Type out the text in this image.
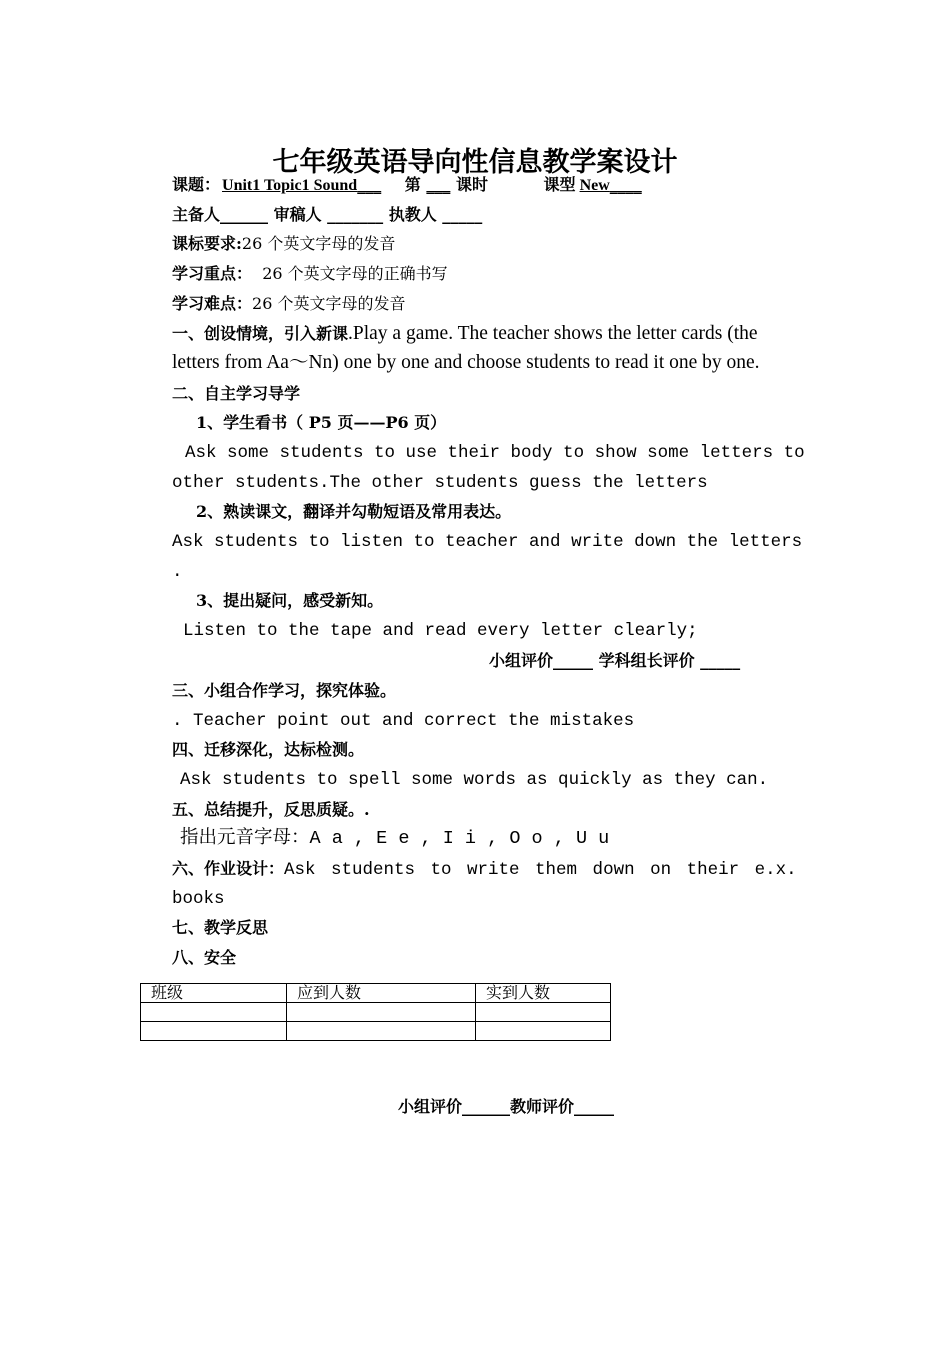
七年级英语导向性信息教学案设计
课题： Unit1 Topic1 Sound___ 第 ___ 课时	课型 New____
主备人______ 审稿人 _______ 执教人 _____
课标要求:26 个英文字母的发音
学习重点： 26 个英文字母的正确书写
学习难点：26 个英文字母的发音
一、创设情境，引入新课.Play a game. The teacher shows the letter cards (the
letters from Aa～Nn) one by one and choose students to read it one by one.
二、自主学习导学
1、学生看书（ P5 页——P6 页）
Ask some students to use their body to show some letters to
other students.The other students guess the letters
2、熟读课文，翻译并勾勒短语及常用表达。
Ask students to listen to teacher and write down the letters
.
3、提出疑问，感受新知。
Listen to the tape and read every letter clearly;
小组评价_____ 学科组长评价 _____
三、小组合作学习，探究体验。
. Teacher point out and correct the mistakes
四、迁移深化，达标检测。
Ask students to spell some words as quickly as they can.
五、总结提升，反思质疑。.
指出元音字母：A a , E e , I i , O o , U u
六、作业设计：Ask students to write them down on their e.x.
books
七、教学反思
八、安全
班级	应到人数	实到人数

小组评价______教师评价_____
